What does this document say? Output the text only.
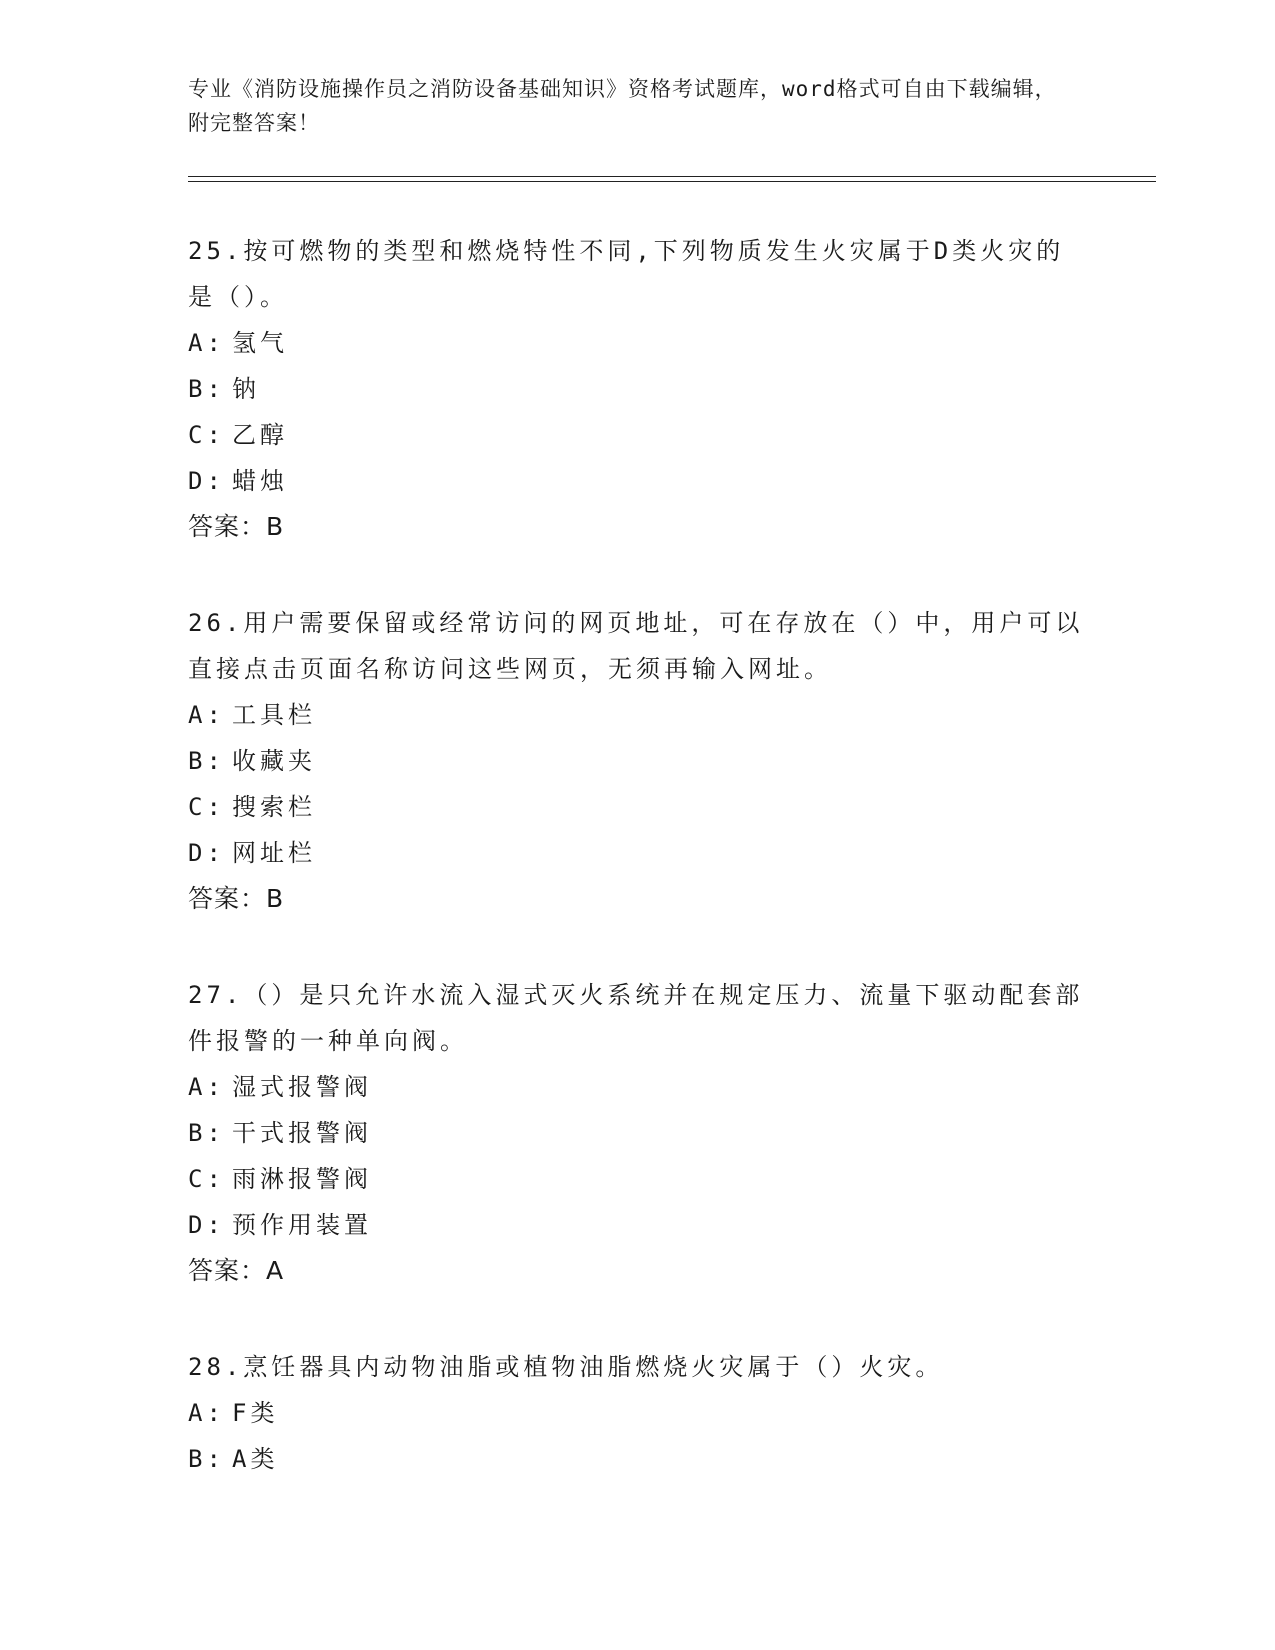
专业《消防设施操作员之消防设备基础知识》资格考试题库，word格式可自由下载编辑，附完整答案！

25.按可燃物的类型和燃烧特性不同,下列物质发生火灾属于D类火灾的是（）。

A: 氢气

B: 钠

C: 乙醇

D: 蜡烛

答案：B

26.用户需要保留或经常访问的网页地址，可在存放在（）中，用户可以直接点击页面名称访问这些网页，无须再输入网址。

A: 工具栏

B: 收藏夹

C: 搜索栏

D: 网址栏

答案：B

27.（）是只允许水流入湿式灭火系统并在规定压力、流量下驱动配套部件报警的一种单向阀。

A: 湿式报警阀

B: 干式报警阀

C: 雨淋报警阀

D: 预作用装置

答案：A

28.烹饪器具内动物油脂或植物油脂燃烧火灾属于（）火灾。

A: F类

B: A类
